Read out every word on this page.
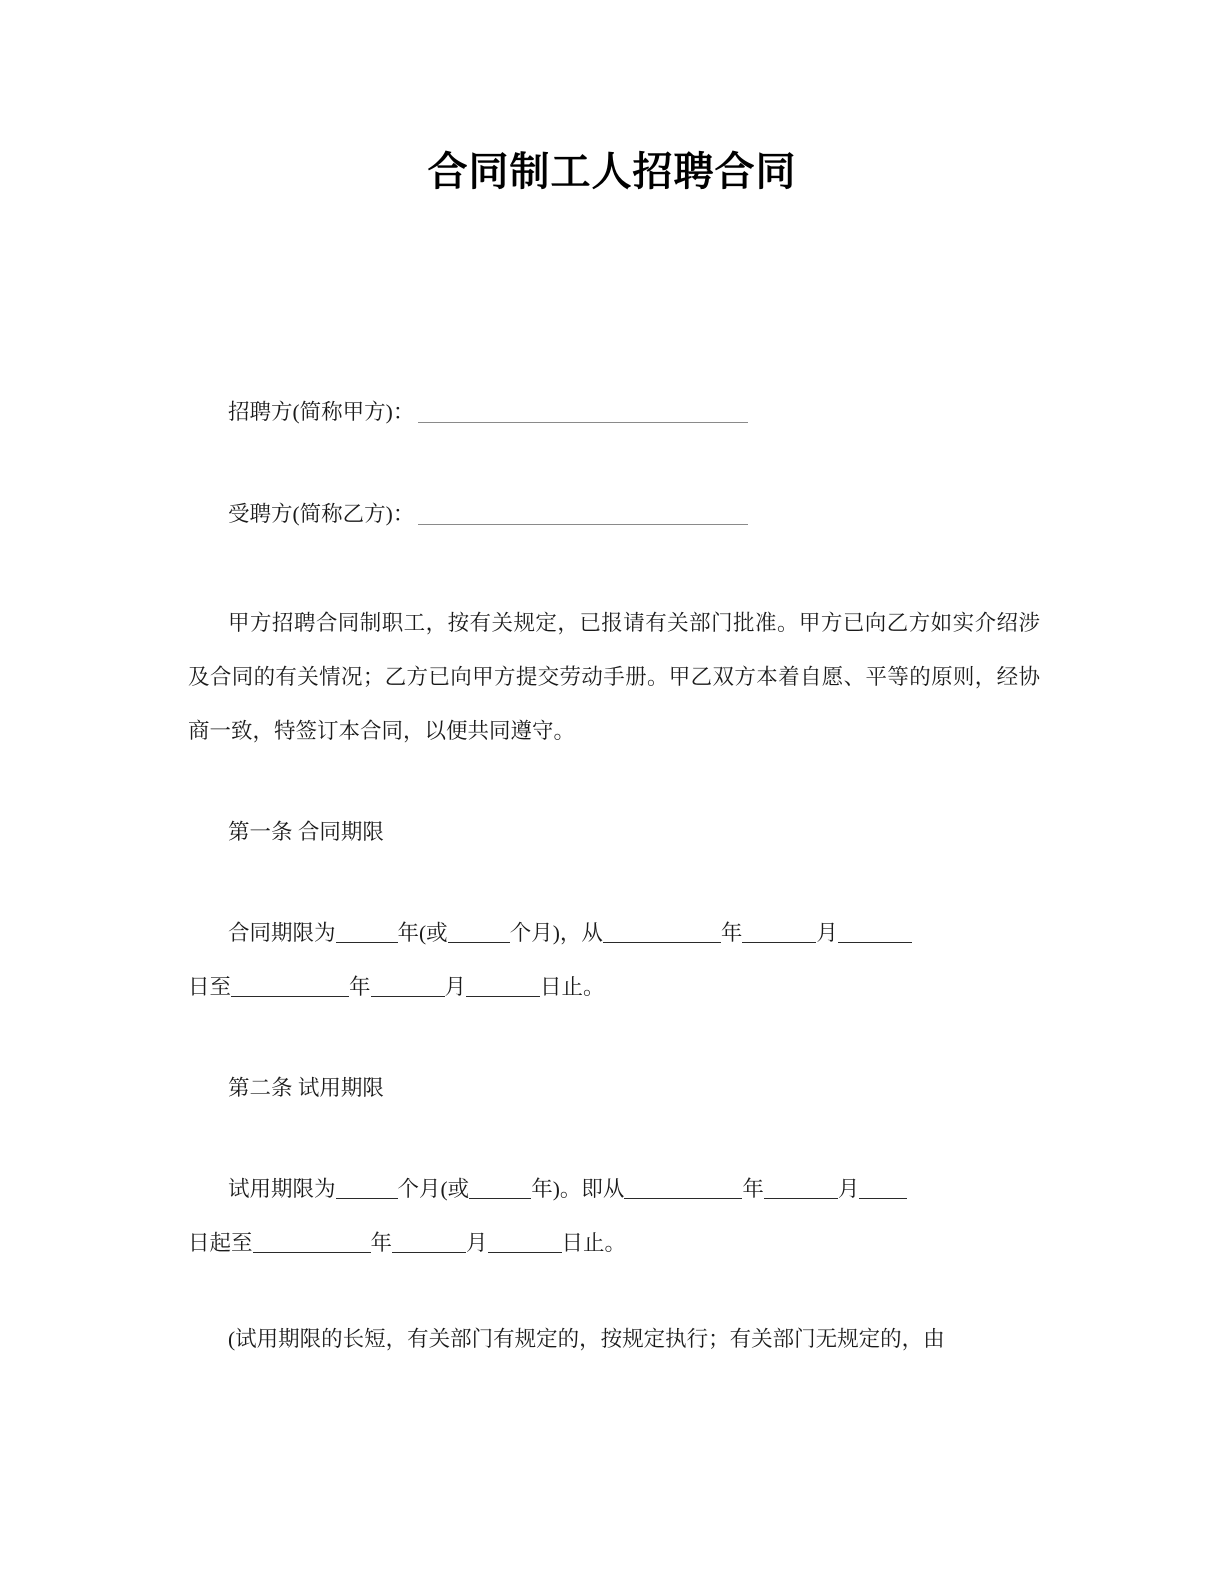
合同制工人招聘合同
招聘方(简称甲方)：
受聘方(简称乙方)：

甲方招聘合同制职工，按有关规定，已报请有关部门批准。甲方已向乙方如实介绍涉及合同的有关情况；乙方已向甲方提交劳动手册。甲乙双方本着自愿、平等的原则，经协商一致，特签订本合同，以便共同遵守。

第一条 合同期限
合同期限为	年(或	个月)，从	年	月
日至	年	月	日止。
第二条 试用期限
试用期限为	个月(或	年)。即从	年	月
日起至	年	月	日止。

(试用期限的长短，有关部门有规定的，按规定执行；有关部门无规定的，由
